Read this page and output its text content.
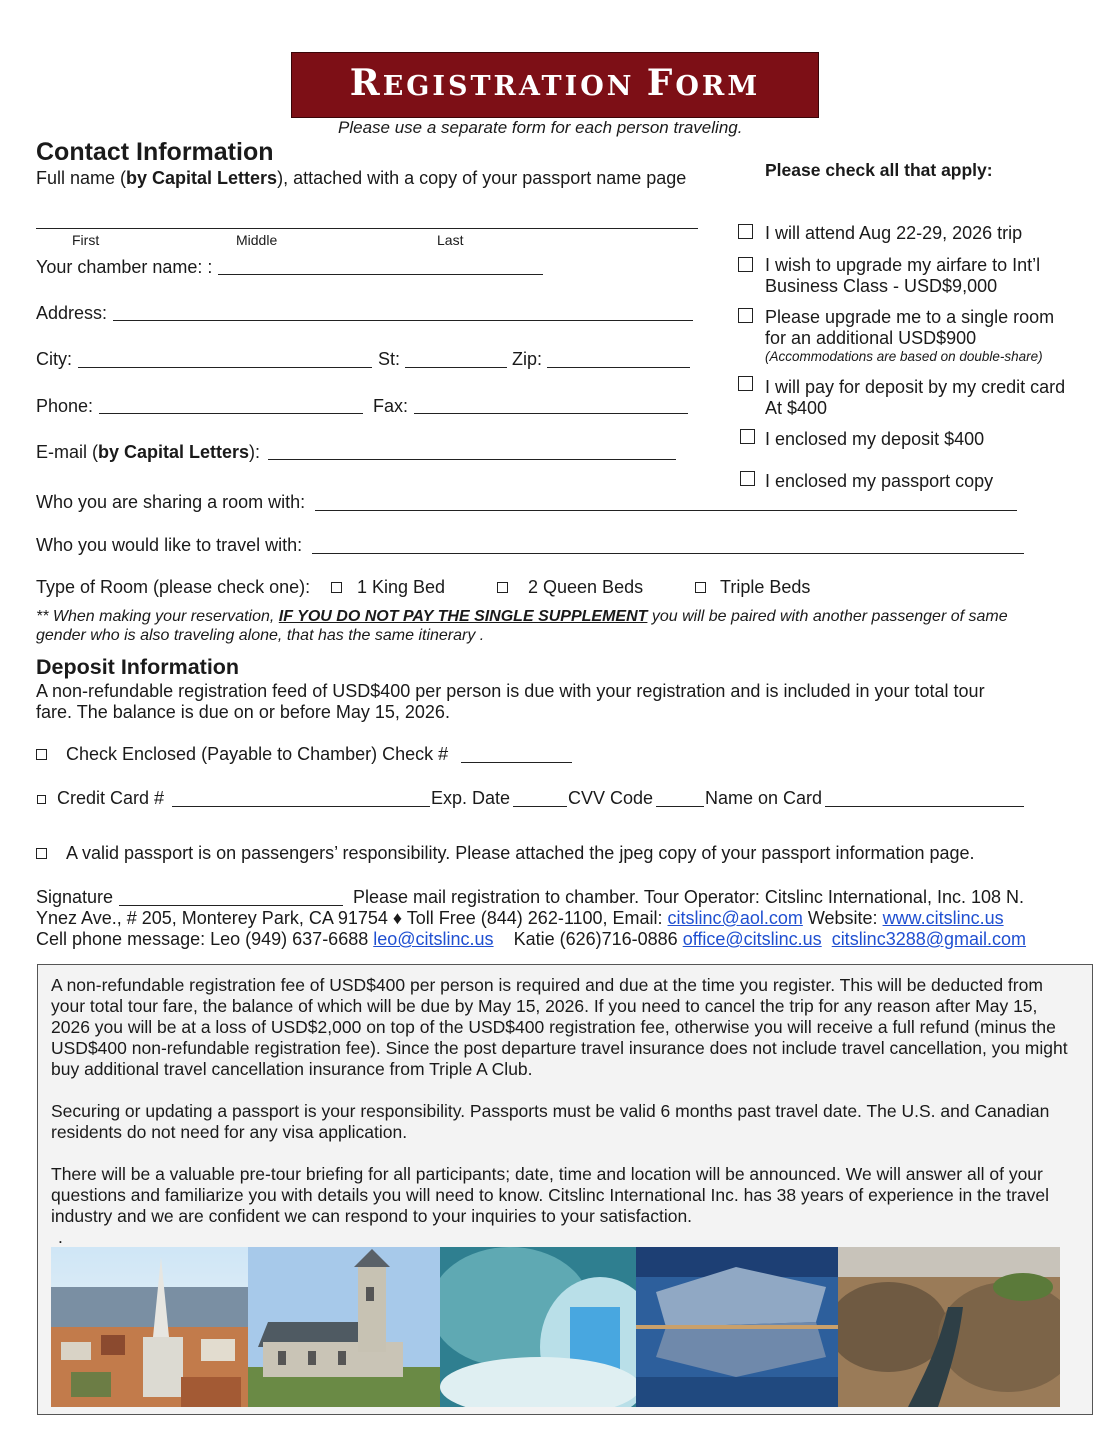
REGISTRATION FORM
Please use a separate form for each person traveling.
Contact Information
Full name (by Capital Letters), attached with a copy of your passport name page
First	Middle	Last
Your chamber name: :
Address:
City:	St:	Zip:
Phone:	Fax:
E-mail (by Capital Letters):
Who you are sharing a room with:
Who you would like to travel with:
Please check all that apply:
I will attend Aug 22-29, 2026 trip
I wish to upgrade my airfare to Int’l
Business Class - USD$9,000
Please upgrade me to a single room
for an additional USD$900
(Accommodations are based on double-share)
I will pay for deposit by my credit card
At $400
I enclosed my deposit $400
I enclosed my passport copy
Type of Room (please check one):	1 King Bed	2 Queen Beds	Triple Beds
** When making your reservation, IF YOU DO NOT PAY THE SINGLE SUPPLEMENT you will be paired with another passenger of same gender who is also traveling alone, that has the same itinerary .
Deposit Information
A non-refundable registration feed of USD$400 per person is due with your registration and is included in your total tour
fare. The balance is due on or before May 15, 2026.
Check Enclosed (Payable to Chamber) Check #
Credit Card #	Exp. Date	CVV Code	Name on Card
A valid passport is on passengers’ responsibility. Please attached the jpeg copy of your passport information page.
Signature	Please mail registration to chamber. Tour Operator: Citslinc International, Inc. 108 N.
Ynez Ave., # 205, Monterey Park, CA 91754 ♦ Toll Free (844) 262-1100, Email: citslinc@aol.com Website: www.citslinc.us
Cell phone message: Leo (949) 637-6688 leo@citslinc.us Katie (626)716-0886 office@citslinc.us citslinc3288@gmail.com

A non-refundable registration fee of USD$400 per person is required and due at the time you register. This will be deducted from your total tour fare, the balance of which will be due by May 15, 2026. If you need to cancel the trip for any reason after May 15, 2026 you will be at a loss of USD$2,000 on top of the USD$400 registration fee, otherwise you will receive a full refund (minus the USD$400 non-refundable registration fee). Since the post departure travel insurance does not include travel cancellation, you might buy additional travel cancellation insurance from Triple A Club.

Securing or updating a passport is your responsibility. Passports must be valid 6 months past travel date. The U.S. and Canadian residents do not need for any visa application.

There will be a valuable pre-tour briefing for all participants; date, time and location will be announced. We will answer all of your questions and familiarize you with details you will need to know. Citslinc International Inc. has 38 years of experience in the travel industry and we are confident we can respond to your inquiries to your satisfaction.

.
